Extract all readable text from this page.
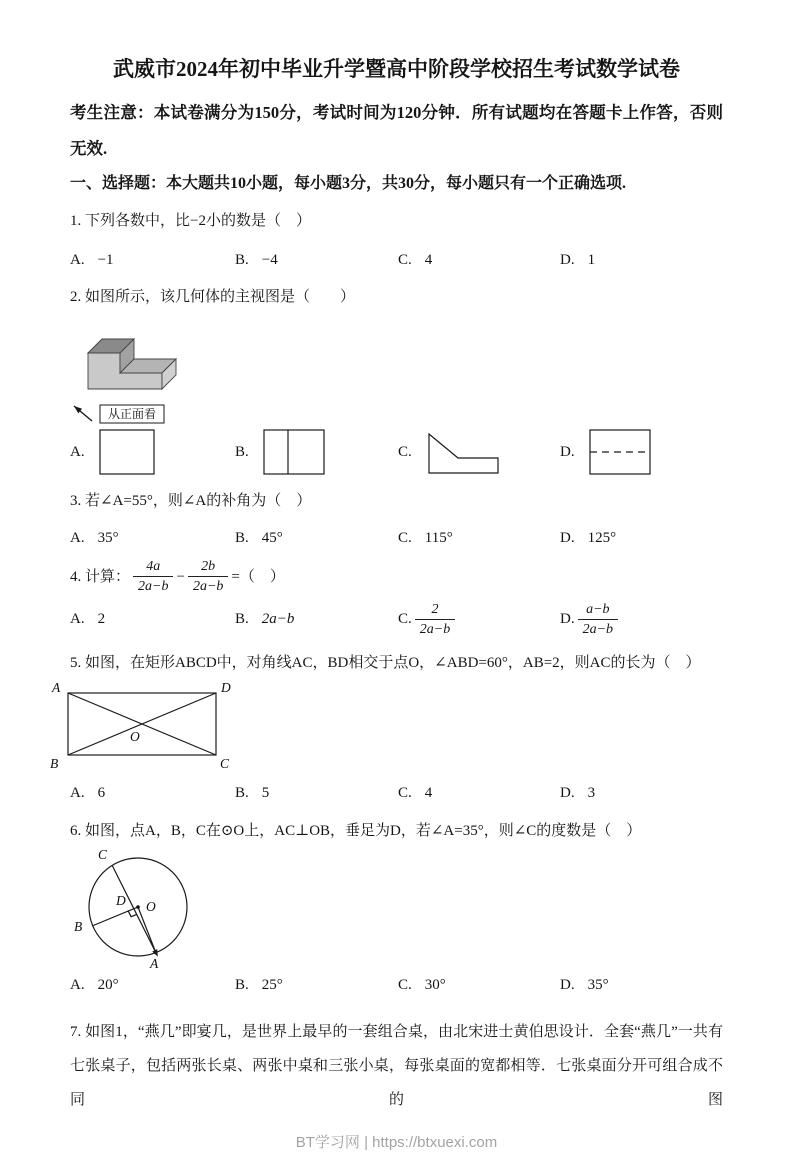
武威市2024年初中毕业升学暨高中阶段学校招生考试数学试卷

考生注意：本试卷满分为150分，考试时间为120分钟．所有试题均在答题卡上作答，否则

无效.

一、选择题：本大题共10小题，每小题3分，共30分，每小题只有一个正确选项.

1. 下列各数中，比−2小的数是（　）

A. −1	B. −4	C. 4	D. 1

2. 如图所示，该几何体的主视图是（　　）

从正面看
A.	B.	C.	D.

3. 若∠A=55°，则∠A的补角为（　）

A. 35°	B. 45°	C. 115°	D. 125°

4. 计算： $\frac{4a}{2a-b} - \frac{2b}{2a-b}$ =（　）

A. 2	B. 2a−b	C. $\frac{2}{2a-b}$	D. $\frac{a-b}{2a-b}$

5. 如图，在矩形ABCD中，对角线AC，BD相交于点O，∠ABD=60°，AB=2，则AC的长为（　）

A	D
B	C
O
A. 6	B. 5	C. 4	D. 3

6. 如图，点A，B，C在⊙O上，AC⊥OB，垂足为D，若∠A=35°，则∠C的度数是（　）

C
B
A
O
D
A. 20°	B. 25°	C. 30°	D. 35°

7. 如图1，“燕几”即宴几，是世界上最早的一套组合桌，由北宋进士黄伯思设计．全套“燕几”一共有

七张桌子，包括两张长桌、两张中桌和三张小桌，每张桌面的宽都相等．七张桌面分开可组合成不同的图

BT学习网 | https://btxuexi.com
